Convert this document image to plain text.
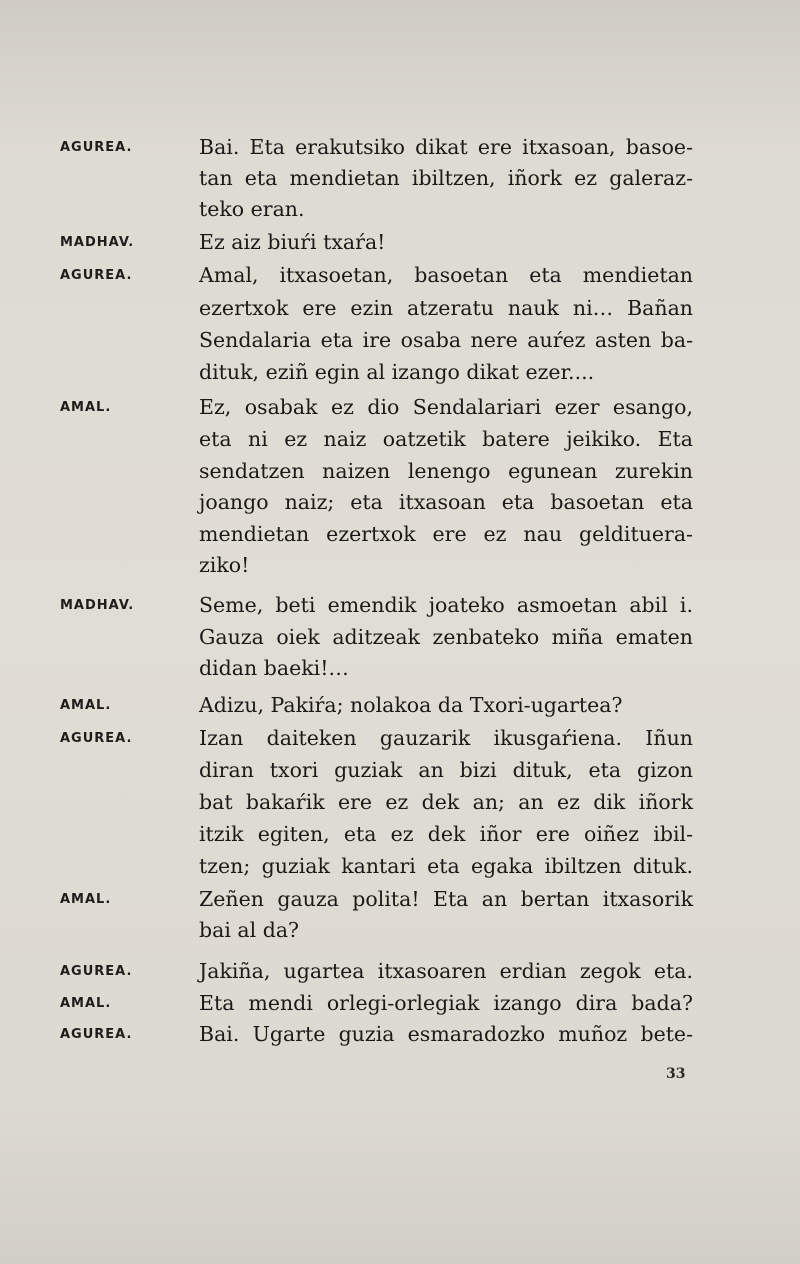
AGUREA.	Bai. Eta erakutsiko dikat ere itxasoan, basoe-
tan eta mendietan ibiltzen, iñork ez galeraz-
teko eran.
MADHAV.	Ez aiz biuŕi txaŕa!
AGUREA.	Amal, itxasoetan, basoetan eta mendietan
ezertxok ere ezin atzeratu nauk ni… Bañan
Sendalaria eta ire osaba nere auŕez asten ba-
dituk, eziñ egin al izango dikat ezer....
AMAL.	Ez, osabak ez dio Sendalariari ezer esango,
eta ni ez naiz oatzetik batere jeikiko. Eta
sendatzen naizen lenengo egunean zurekin
joango naiz; eta itxasoan eta basoetan eta
mendietan ezertxok ere ez nau geldituera-
ziko!
MADHAV.	Seme, beti emendik joateko asmoetan abil i.
Gauza oiek aditzeak zenbateko miña ematen
didan baeki!…
AMAL.	Adizu, Pakiŕa; nolakoa da Txori-ugartea?
AGUREA.	Izan daiteken gauzarik ikusgaŕiena. Iñun
diran txori guziak an bizi dituk, eta gizon
bat bakaŕik ere ez dek an; an ez dik iñork
itzik egiten, eta ez dek iñor ere oiñez ibil-
tzen; guziak kantari eta egaka ibiltzen dituk.
AMAL.	Zeñen gauza polita! Eta an bertan itxasorik
bai al da?
AGUREA.	Jakiña, ugartea itxasoaren erdian zegok eta.
AMAL.	Eta mendi orlegi-orlegiak izango dira bada?
AGUREA.	Bai. Ugarte guzia esmaradozko muñoz bete-
33
